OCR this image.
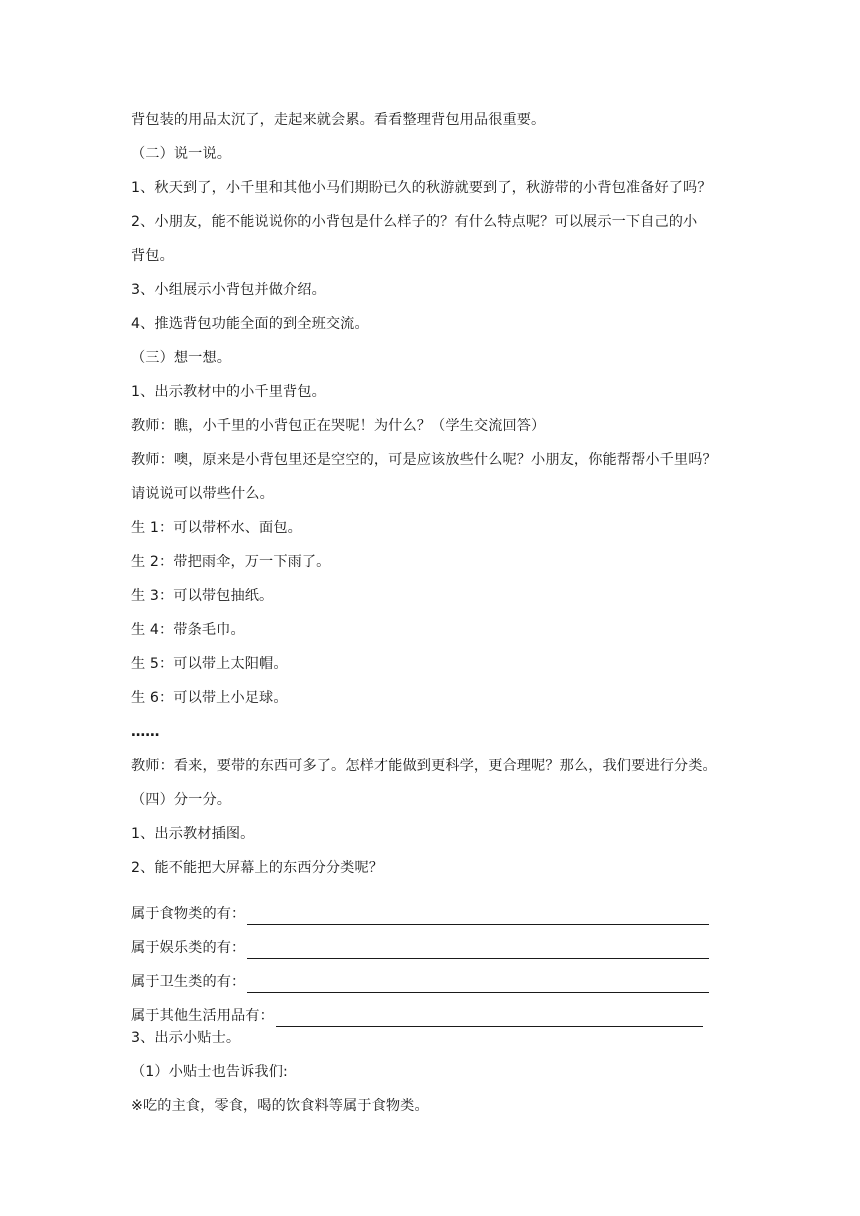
背包装的用品太沉了，走起来就会累。看看整理背包用品很重要。
（二）说一说。
1、秋天到了，小千里和其他小马们期盼已久的秋游就要到了，秋游带的小背包准备好了吗？
2、小朋友，能不能说说你的小背包是什么样子的？有什么特点呢？可以展示一下自己的小
背包。
3、小组展示小背包并做介绍。
4、推选背包功能全面的到全班交流。
（三）想一想。
1、出示教材中的小千里背包。
教师：瞧，小千里的小背包正在哭呢！为什么？（学生交流回答）
教师：噢，原来是小背包里还是空空的，可是应该放些什么呢？小朋友，你能帮帮小千里吗？
请说说可以带些什么。
生 1：可以带杯水、面包。
生 2：带把雨伞，万一下雨了。
生 3：可以带包抽纸。
生 4：带条毛巾。
生 5：可以带上太阳帽。
生 6：可以带上小足球。
……
教师：看来，要带的东西可多了。怎样才能做到更科学，更合理呢？那么，我们要进行分类。
（四）分一分。
1、出示教材插图。
2、能不能把大屏幕上的东西分分类呢？
属于食物类的有：
属于娱乐类的有：
属于卫生类的有：
属于其他生活用品有：
3、出示小贴士。
（1）小贴士也告诉我们:
※吃的主食，零食，喝的饮食料等属于食物类。
